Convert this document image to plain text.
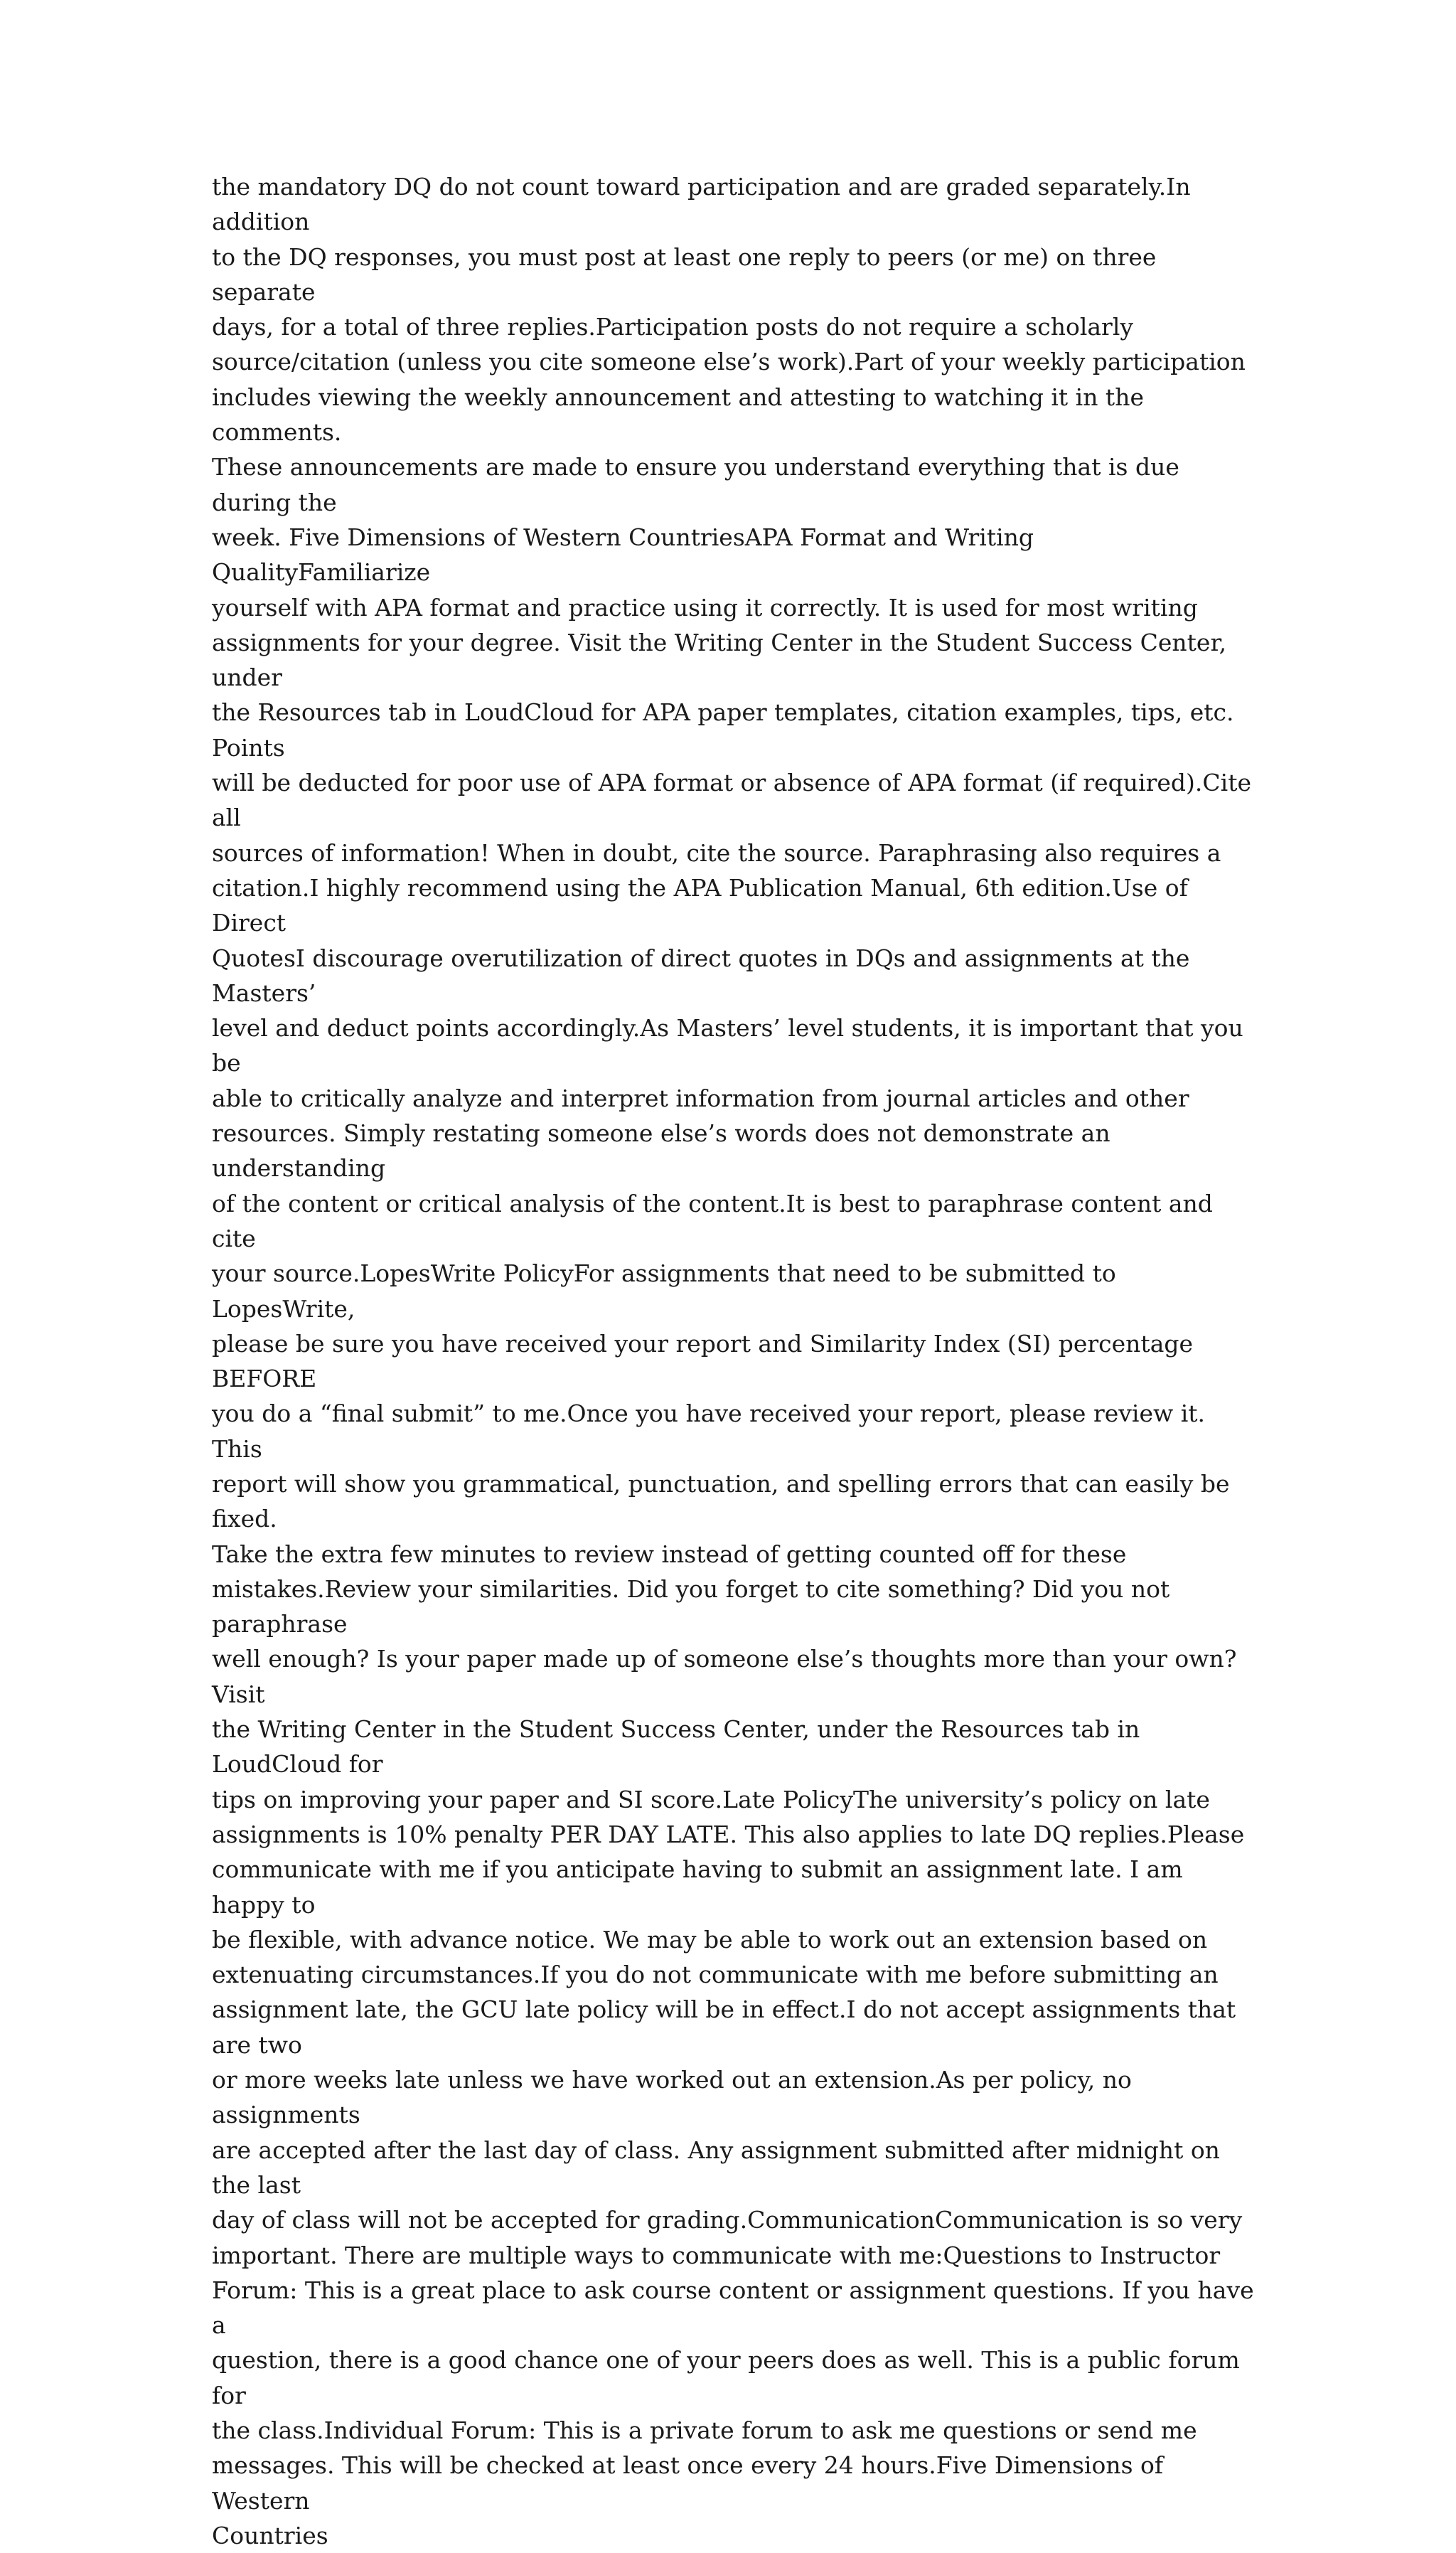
the mandatory DQ do not count toward participation and are graded separately.In addition
to the DQ responses, you must post at least one reply to peers (or me) on three separate
days, for a total of three replies.Participation posts do not require a scholarly
source/citation (unless you cite someone else’s work).Part of your weekly participation
includes viewing the weekly announcement and attesting to watching it in the comments.
These announcements are made to ensure you understand everything that is due during the
week. Five Dimensions of Western CountriesAPA Format and Writing QualityFamiliarize
yourself with APA format and practice using it correctly. It is used for most writing
assignments for your degree. Visit the Writing Center in the Student Success Center, under
the Resources tab in LoudCloud for APA paper templates, citation examples, tips, etc. Points
will be deducted for poor use of APA format or absence of APA format (if required).Cite all
sources of information! When in doubt, cite the source. Paraphrasing also requires a
citation.I highly recommend using the APA Publication Manual, 6th edition.Use of Direct
QuotesI discourage overutilization of direct quotes in DQs and assignments at the Masters’
level and deduct points accordingly.As Masters’ level students, it is important that you be
able to critically analyze and interpret information from journal articles and other
resources. Simply restating someone else’s words does not demonstrate an understanding
of the content or critical analysis of the content.It is best to paraphrase content and cite
your source.LopesWrite PolicyFor assignments that need to be submitted to LopesWrite,
please be sure you have received your report and Similarity Index (SI) percentage BEFORE
you do a “final submit” to me.Once you have received your report, please review it. This
report will show you grammatical, punctuation, and spelling errors that can easily be fixed.
Take the extra few minutes to review instead of getting counted off for these
mistakes.Review your similarities. Did you forget to cite something? Did you not paraphrase
well enough? Is your paper made up of someone else’s thoughts more than your own?Visit
the Writing Center in the Student Success Center, under the Resources tab in LoudCloud for
tips on improving your paper and SI score.Late PolicyThe university’s policy on late
assignments is 10% penalty PER DAY LATE. This also applies to late DQ replies.Please
communicate with me if you anticipate having to submit an assignment late. I am happy to
be flexible, with advance notice. We may be able to work out an extension based on
extenuating circumstances.If you do not communicate with me before submitting an
assignment late, the GCU late policy will be in effect.I do not accept assignments that are two
or more weeks late unless we have worked out an extension.As per policy, no assignments
are accepted after the last day of class. Any assignment submitted after midnight on the last
day of class will not be accepted for grading.CommunicationCommunication is so very
important. There are multiple ways to communicate with me:Questions to Instructor
Forum: This is a great place to ask course content or assignment questions. If you have a
question, there is a good chance one of your peers does as well. This is a public forum for
the class.Individual Forum: This is a private forum to ask me questions or send me
messages. This will be checked at least once every 24 hours.Five Dimensions of Western
Countries
